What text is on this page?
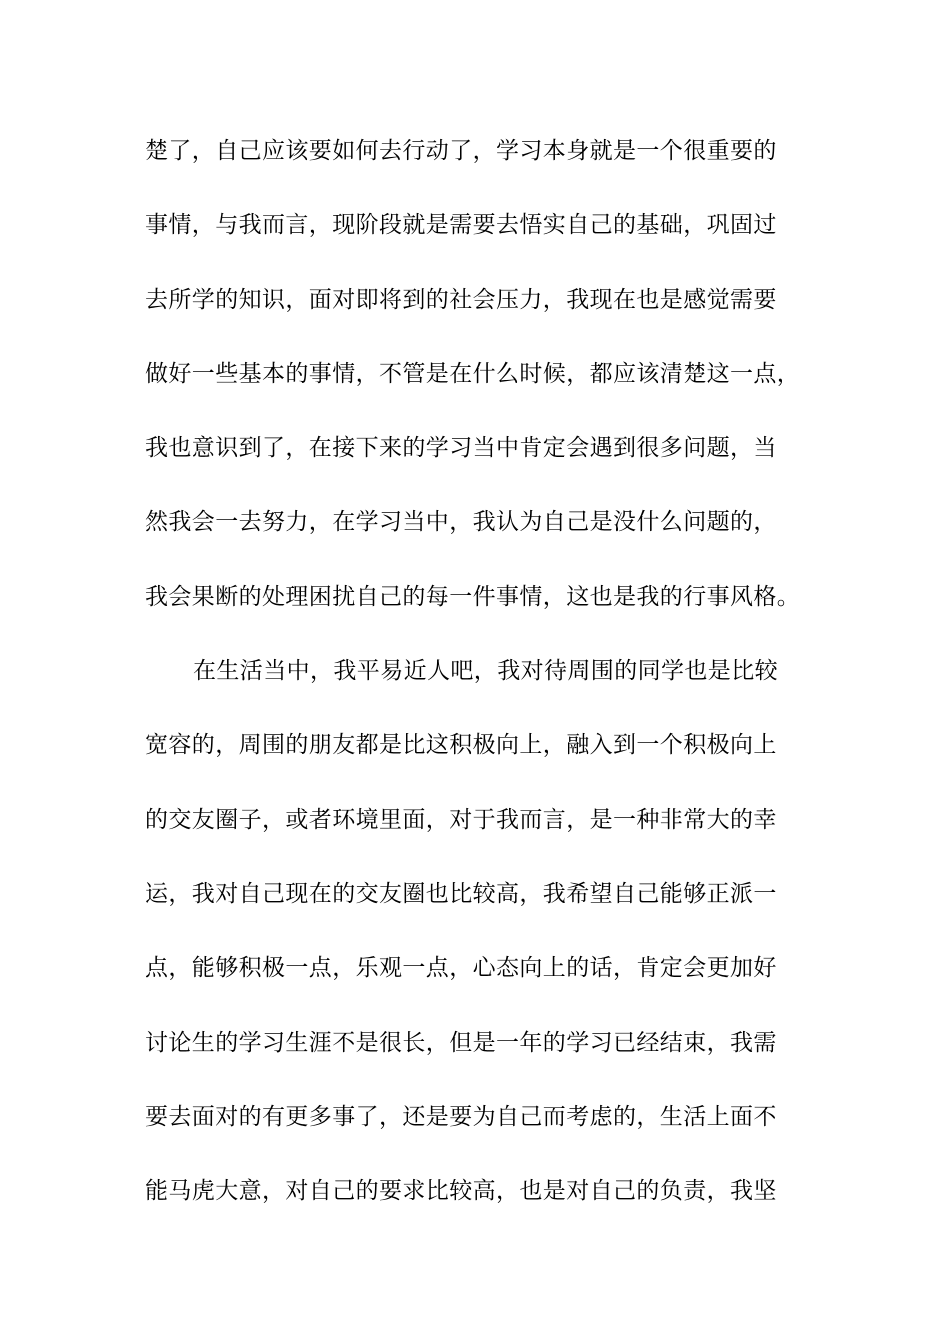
楚了，自己应该要如何去行动了，学习本身就是一个很重要的
事情，与我而言，现阶段就是需要去悟实自己的基础，巩固过
去所学的知识，面对即将到的社会压力，我现在也是感觉需要
做好一些基本的事情，不管是在什么时候，都应该清楚这一点，
我也意识到了，在接下来的学习当中肯定会遇到很多问题，当
然我会一去努力，在学习当中，我认为自己是没什么问题的，
我会果断的处理困扰自己的每一件事情，这也是我的行事风格。
在生活当中，我平易近人吧，我对待周围的同学也是比较
宽容的，周围的朋友都是比这积极向上，融入到一个积极向上
的交友圈子，或者环境里面，对于我而言，是一种非常大的幸
运，我对自己现在的交友圈也比较高，我希望自己能够正派一
点，能够积极一点，乐观一点，心态向上的话，肯定会更加好
讨论生的学习生涯不是很长，但是一年的学习已经结束，我需
要去面对的有更多事了，还是要为自己而考虑的，生活上面不
能马虎大意，对自己的要求比较高，也是对自己的负责，我坚
